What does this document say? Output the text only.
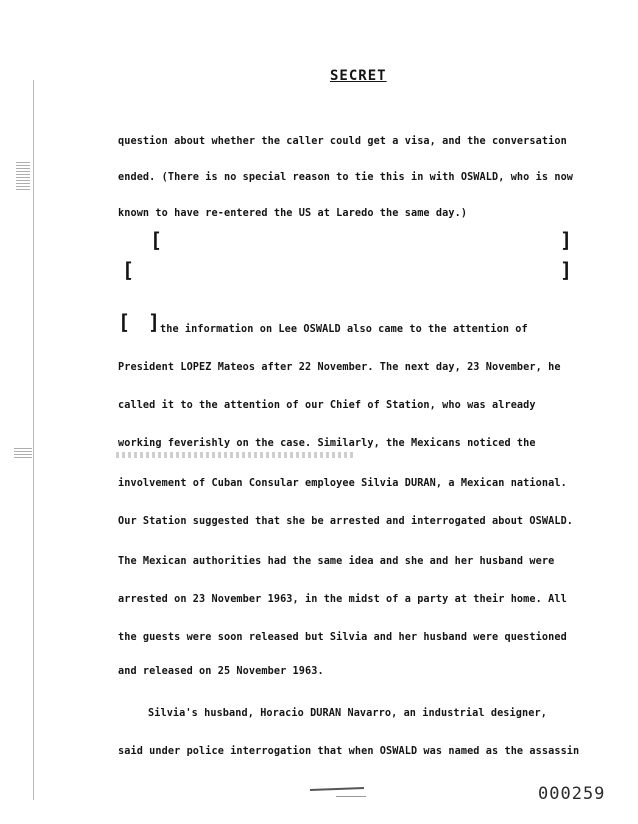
SECRET
question about whether the caller could get a visa, and the conversation
ended. (There is no special reason to tie this in with OSWALD, who is now
known to have re-entered the US at Laredo the same day.)
[	]
[	]
[ ] the information on Lee OSWALD also came to the attention of
President LOPEZ Mateos after 22 November. The next day, 23 November, he
called it to the attention of our Chief of Station, who was already
working feverishly on the case. Similarly, the Mexicans noticed the
involvement of Cuban Consular employee Silvia DURAN, a Mexican national.
Our Station suggested that she be arrested and interrogated about OSWALD.
The Mexican authorities had the same idea and she and her husband were
arrested on 23 November 1963, in the midst of a party at their home. All
the guests were soon released but Silvia and her husband were questioned
and released on 25 November 1963.
Silvia's husband, Horacio DURAN Navarro, an industrial designer,
said under police interrogation that when OSWALD was named as the assassin
000259
